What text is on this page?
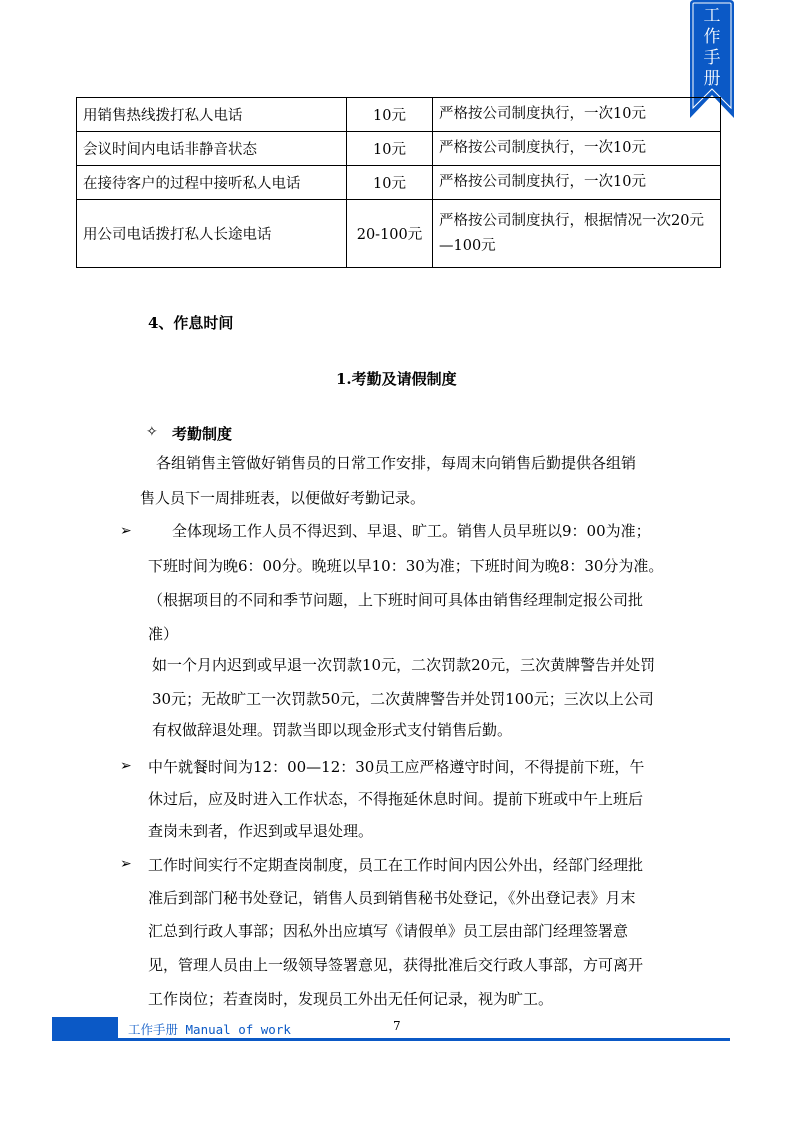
工
作
手
册
用销售热线拨打私人电话	10元	严格按公司制度执行，一次10元
会议时间内电话非静音状态	10元	严格按公司制度执行，一次10元
在接待客户的过程中接听私人电话	10元	严格按公司制度执行，一次10元
用公司电话拨打私人长途电话	20-100元	严格按公司制度执行，根据情况一次20元—100元
4、作息时间
1.考勤及请假制度
✧ 考勤制度
各组销售主管做好销售员的日常工作安排，每周末向销售后勤提供各组销
售人员下一周排班表，以便做好考勤记录。
➢	全体现场工作人员不得迟到、早退、旷工。销售人员早班以9：00为准；
下班时间为晚6：00分。晚班以早10：30为准；下班时间为晚8：30分为准。
（根据项目的不同和季节问题，上下班时间可具体由销售经理制定报公司批
准）
如一个月内迟到或早退一次罚款10元，二次罚款20元，三次黄牌警告并处罚
30元；无故旷工一次罚款50元，二次黄牌警告并处罚100元；三次以上公司
有权做辞退处理。罚款当即以现金形式支付销售后勤。
➢ 中午就餐时间为12：00—12：30员工应严格遵守时间，不得提前下班，午
休过后，应及时进入工作状态，不得拖延休息时间。提前下班或中午上班后
查岗未到者，作迟到或早退处理。
➢ 工作时间实行不定期查岗制度，员工在工作时间内因公外出，经部门经理批
准后到部门秘书处登记，销售人员到销售秘书处登记，《外出登记表》月末
汇总到行政人事部；因私外出应填写《请假单》员工层由部门经理签署意
见，管理人员由上一级领导签署意见，获得批准后交行政人事部，方可离开
工作岗位；若查岗时，发现员工外出无任何记录，视为旷工。
工作手册 Manual of work	7
